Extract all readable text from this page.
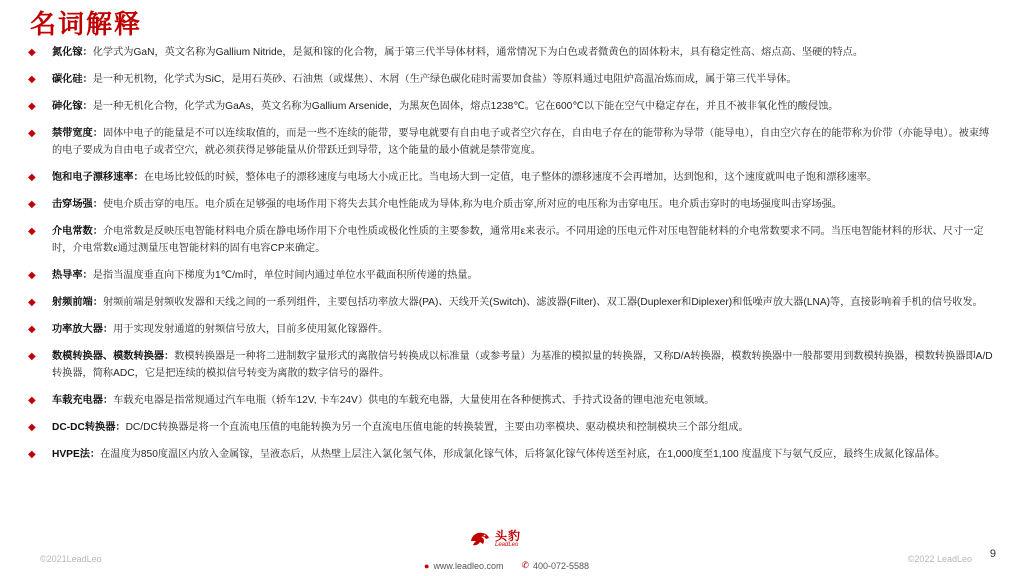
名词解释
◆ 氮化镓：化学式为GaN，英文名称为Gallium Nitride，是氮和镓的化合物，属于第三代半导体材料，通常情况下为白色或者微黄色的固体粉末，具有稳定性高、熔点高、坚硬的特点。
◆ 碳化硅：是一种无机物，化学式为SiC，是用石英砂、石油焦（或煤焦）、木屑（生产绿色碳化硅时需要加食盐）等原料通过电阻炉高温冶炼而成，属于第三代半导体。
◆ 砷化镓：是一种无机化合物，化学式为GaAs，英文名称为Gallium Arsenide，为黑灰色固体，熔点1238℃。它在600℃以下能在空气中稳定存在，并且不被非氧化性的酸侵蚀。
◆ 禁带宽度：固体中电子的能量是不可以连续取值的，而是一些不连续的能带，要导电就要有自由电子或者空穴存在，自由电子存在的能带称为导带（能导电），自由空穴存在的能带称为价带（亦能导电）。被束缚的电子要成为自由电子或者空穴，就必须获得足够能量从价带跃迁到导带，这个能量的最小值就是禁带宽度。
◆ 饱和电子漂移速率：在电场比较低的时候，整体电子的漂移速度与电场大小成正比。当电场大到一定值，电子整体的漂移速度不会再增加，达到饱和，这个速度就叫电子饱和漂移速率。
◆ 击穿场强：使电介质击穿的电压。电介质在足够强的电场作用下将失去其介电性能成为导体,称为电介质击穿,所对应的电压称为击穿电压。电介质击穿时的电场强度叫击穿场强。
◆ 介电常数：介电常数是反映压电智能材料电介质在静电场作用下介电性质或极化性质的主要参数，通常用ε来表示。不同用途的压电元件对压电智能材料的介电常数要求不同。当压电智能材料的形状、尺寸一定时，介电常数ε通过测量压电智能材料的固有电容CP来确定。
◆ 热导率：是指当温度垂直向下梯度为1℃/m时，单位时间内通过单位水平截面积所传递的热量。
◆ 射频前端：射频前端是射频收发器和天线之间的一系列组件，主要包括功率放大器(PA)、天线开关(Switch)、滤波器(Filter)、双工器(Duplexer和Diplexer)和低噪声放大器(LNA)等，直接影响着手机的信号收发。
◆ 功率放大器：用于实现发射通道的射频信号放大，目前多使用氮化镓器件。
◆ 数模转换器、模数转换器：数模转换器是一种将二进制数字量形式的离散信号转换成以标准量（或参考量）为基准的模拟量的转换器，又称D/A转换器，模数转换器中一般都要用到数模转换器，模数转换器即A/D转换器，简称ADC，它是把连续的模拟信号转变为离散的数字信号的器件。
◆ 车载充电器：车载充电器是指常规通过汽车电瓶（轿车12V, 卡车24V）供电的车载充电器，大量使用在各种便携式、手持式设备的锂电池充电领域。
◆ DC-DC转换器：DC/DC转换器是将一个直流电压值的电能转换为另一个直流电压值电能的转换装置，主要由功率模块、驱动模块和控制模块三个部分组成。
◆ HVPE法：在温度为850度温区内放入金属镓，呈液态后，从热壁上层注入氯化氢气体，形成氯化镓气体，后将氯化镓气体传送至衬底，在1,000度至1,100 度温度下与氨气反应，最终生成氮化镓晶体。
9
©2021LeadLeo	©2022 LeadLeo
头豹
LeadLeo
● www.leadleo.com ✆ 400-072-5588
